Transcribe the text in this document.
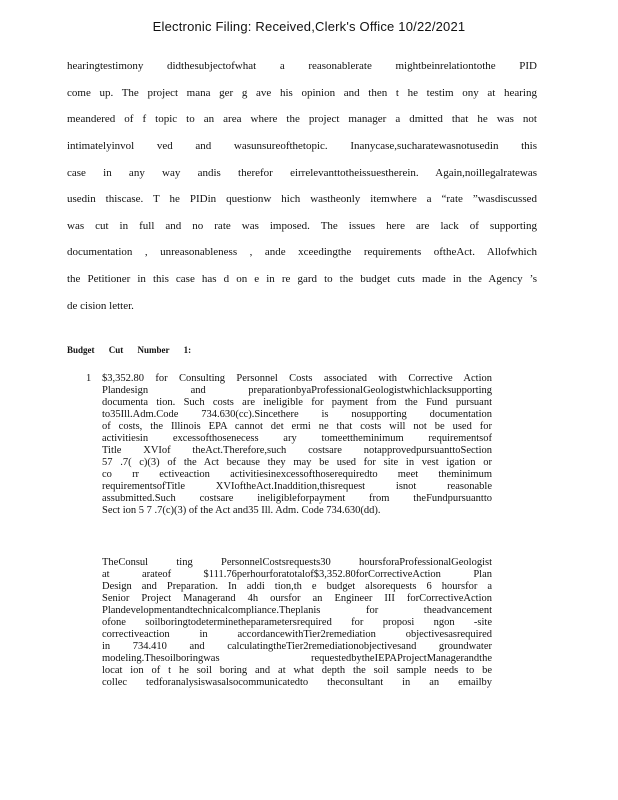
Electronic Filing: Received,Clerk's Office 10/22/2021

hearingtestimony didthesubjectofwhat a reasonablerate mightbeinrelationtothe PID

come up. The project mana ger g ave his opinion and then t he testim ony at hearing

meandered of f topic to an area where the project manager a dmitted that he was not

intimatelyinvol ved and wasunsureofthetopic. Inanycase,sucharatewasnotusedin this

case in any way andis therefor eirrelevanttotheissuestherein. Again,noillegalratewas

usedin thiscase. T he PIDin questionw hich wastheonly itemwhere a “rate ”wasdiscussed

was cut in full and no rate was imposed. The issues here are lack of supporting

documentation , unreasonableness , ande xceedingthe requirements oftheAct. Allofwhich

the Petitioner in this case has d on e in re gard to the budget cuts made in the Agency ’s

de cision letter.

Budget Cut Number 1:
1 $3,352.80 for Consulting Personnel Costs associated with Corrective Action

Plandesign and preparationbyaProfessionalGeologistwhichlacksupporting

documenta tion. Such costs are ineligible for payment from the Fund pursuant

to35Ill.Adm.Code 734.630(cc).Sincethere is nosupporting documentation

of costs, the Illinois EPA cannot det ermi ne that costs will not be used for

activitiesin excessofthosenecess ary tomeettheminimum requirementsof

Title XVIof theAct.Therefore,such costsare notapprovedpursuanttoSection

57 .7( c)(3) of the Act because they may be used for site in vest igation or

co rr ectiveaction activitiesinexcessofthoserequiredto meet theminimum

requirementsofTitle XVIoftheAct.Inaddition,thisrequest isnot reasonable

assubmitted.Such costsare ineligibleforpayment from theFundpursuantto

Sect ion 5 7 .7(c)(3) of the Act and35 Ill. Adm. Code 734.630(dd).

TheConsul ting PersonnelCostsrequests30 hoursforaProfessionalGeologist

at arateof $111.76perhourforatotalof$3,352.80forCorrectiveAction Plan

Design and Preparation. In addi tion,th e budget alsorequests 6 hoursfor a

Senior Project Managerand 4h oursfor an Engineer III forCorrectiveAction

Plandevelopmentandtechnicalcompliance.Theplanis for theadvancement

ofone soilboringtodeterminetheparametersrequired for proposi ngon -site

correctiveaction in accordancewithTier2remediation objectivesasrequired

in 734.410 and calculatingtheTier2remediationobjectivesand groundwater

modeling.Thesoilboringwas requestedbytheIEPAProjectManagerandthe

locat ion of t he soil boring and at what depth the soil sample needs to be

collec tedforanalysiswasalsocommunicatedto theconsultant in an emailby
